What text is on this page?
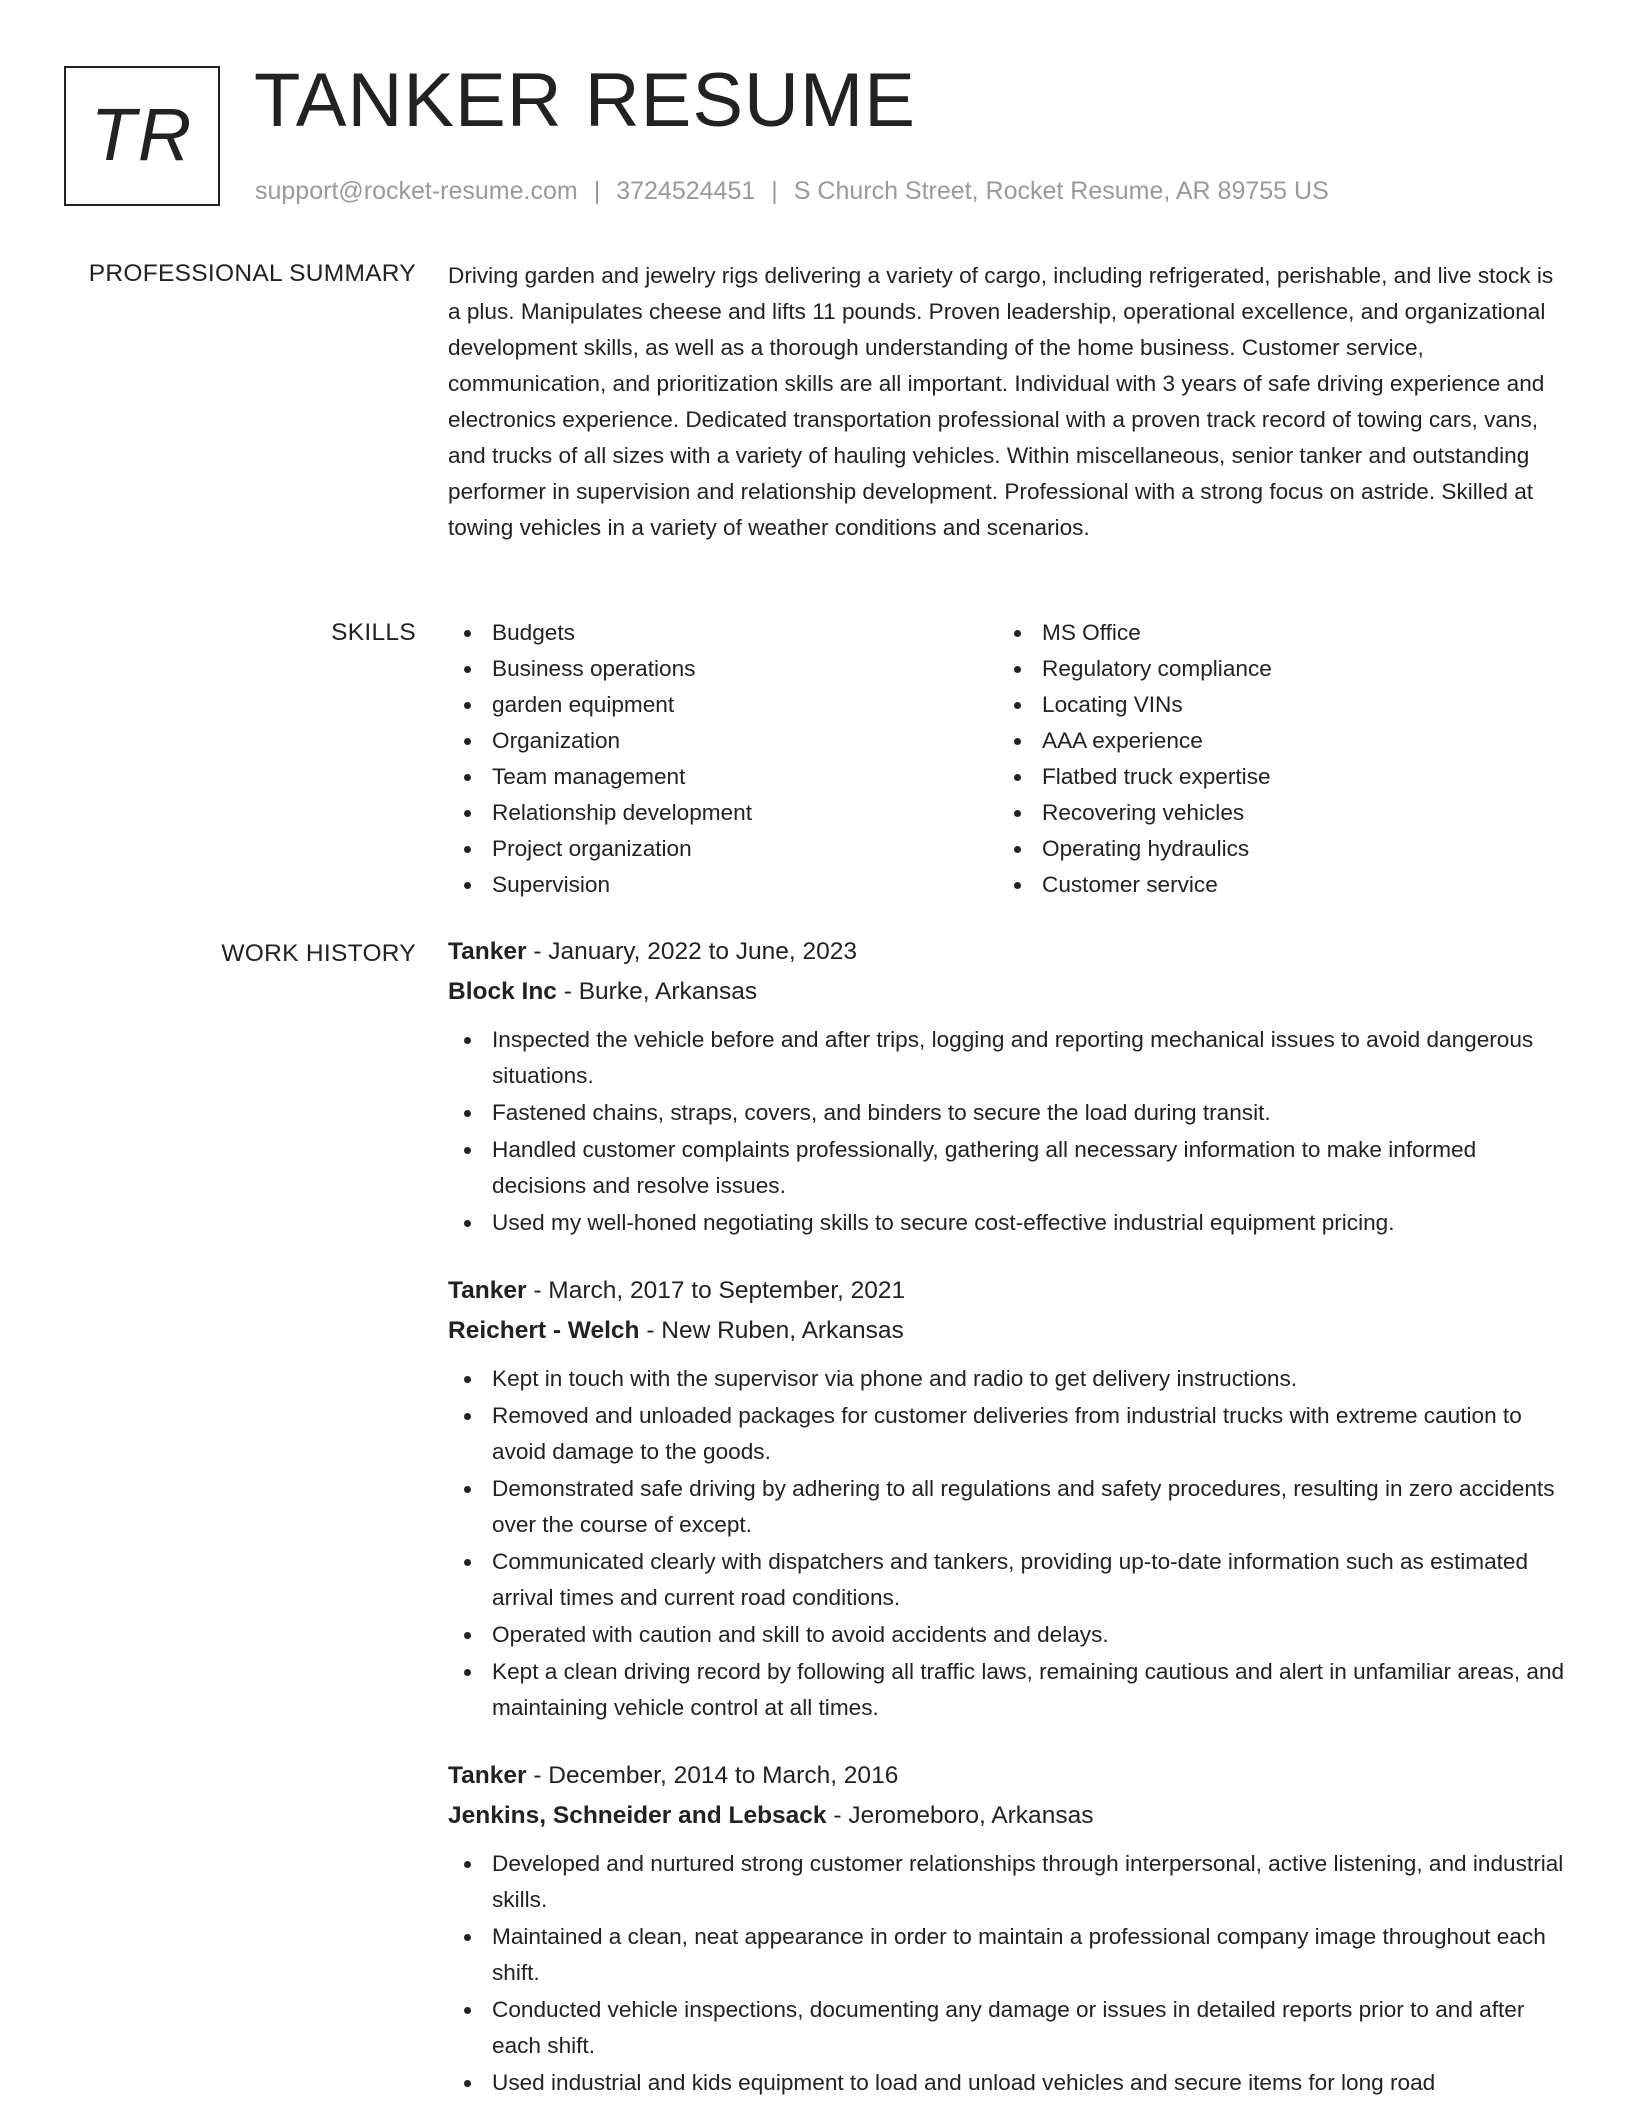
TR TANKER RESUME
support@rocket-resume.com | 3724524451 | S Church Street, Rocket Resume, AR 89755 US
PROFESSIONAL SUMMARY Driving garden and jewelry rigs delivering a variety of cargo, including refrigerated, perishable, and live stock is a plus. Manipulates cheese and lifts 11 pounds. Proven leadership, operational excellence, and organizational development skills, as well as a thorough understanding of the home business. Customer service, communication, and prioritization skills are all important. Individual with 3 years of safe driving experience and electronics experience. Dedicated transportation professional with a proven track record of towing cars, vans, and trucks of all sizes with a variety of hauling vehicles. Within miscellaneous, senior tanker and outstanding performer in supervision and relationship development. Professional with a strong focus on astride. Skilled at towing vehicles in a variety of weather conditions and scenarios.

SKILLS	Budgets
Business operations
garden equipment
Organization
Team management
Relationship development
Project organization
Supervision
MS Office
Regulatory compliance
Locating VINs
AAA experience
Flatbed truck expertise
Recovering vehicles
Operating hydraulics
Customer service
WORK HISTORY Tanker - January, 2022 to June, 2023
Block Inc - Burke, Arkansas
Inspected the vehicle before and after trips, logging and reporting mechanical issues to avoid dangerous situations.
Fastened chains, straps, covers, and binders to secure the load during transit.
Handled customer complaints professionally, gathering all necessary information to make informed decisions and resolve issues.
Used my well-honed negotiating skills to secure cost-effective industrial equipment pricing.
Tanker - March, 2017 to September, 2021
Reichert - Welch - New Ruben, Arkansas
Kept in touch with the supervisor via phone and radio to get delivery instructions.
Removed and unloaded packages for customer deliveries from industrial trucks with extreme caution to avoid damage to the goods.
Demonstrated safe driving by adhering to all regulations and safety procedures, resulting in zero accidents over the course of except.
Communicated clearly with dispatchers and tankers, providing up-to-date information such as estimated arrival times and current road conditions.
Operated with caution and skill to avoid accidents and delays.
Kept a clean driving record by following all traffic laws, remaining cautious and alert in unfamiliar areas, and maintaining vehicle control at all times.
Tanker - December, 2014 to March, 2016
Jenkins, Schneider and Lebsack - Jeromeboro, Arkansas
Developed and nurtured strong customer relationships through interpersonal, active listening, and industrial skills.
Maintained a clean, neat appearance in order to maintain a professional company image throughout each shift.
Conducted vehicle inspections, documenting any damage or issues in detailed reports prior to and after each shift.
Used industrial and kids equipment to load and unload vehicles and secure items for long road
